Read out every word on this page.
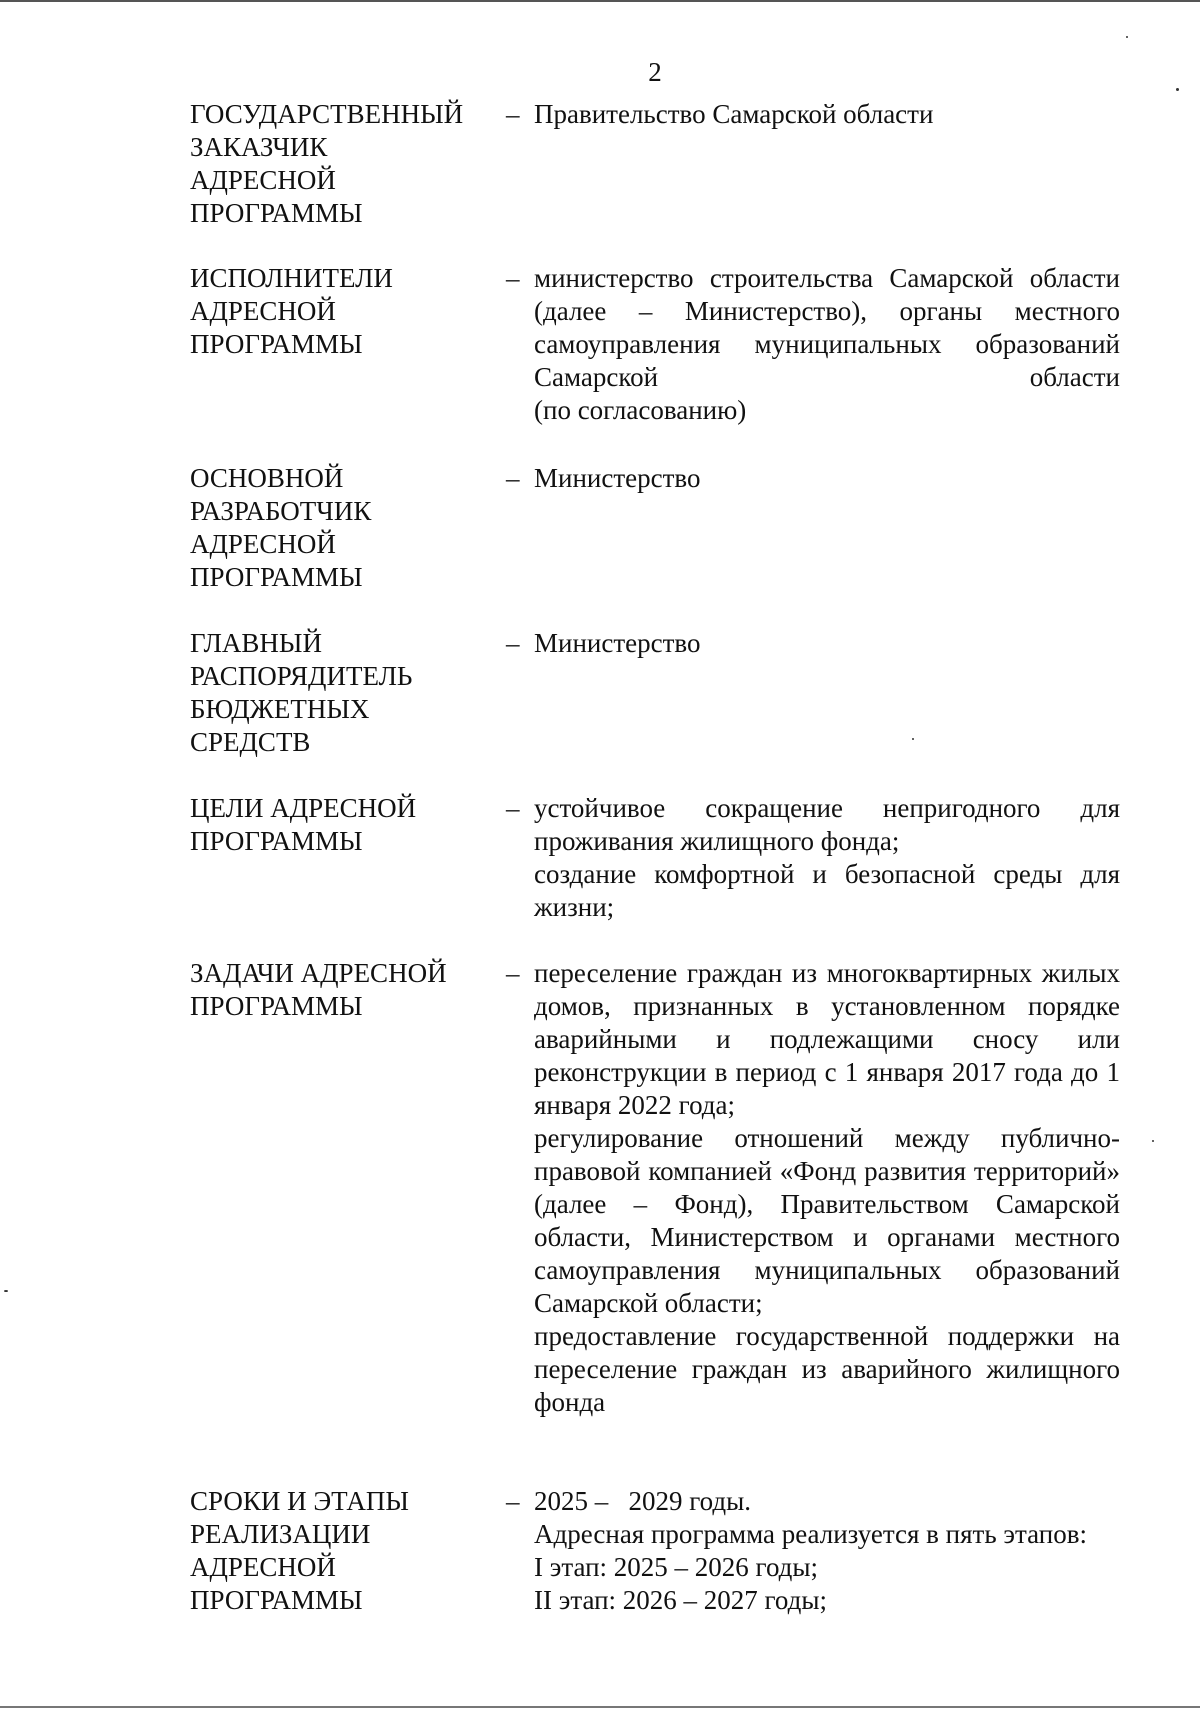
2
ГОСУДАРСТВЕННЫЙ
ЗАКАЗЧИК
АДРЕСНОЙ
ПРОГРАММЫ
– Правительство Самарской области
ИСПОЛНИТЕЛИ
АДРЕСНОЙ
ПРОГРАММЫ
– министерство строительства Самарской области (далее – Министерство), органы местного самоуправления муниципальных образований Самарской области
(по согласованию)
ОСНОВНОЙ
РАЗРАБОТЧИК
АДРЕСНОЙ
ПРОГРАММЫ
– Министерство
ГЛАВНЫЙ
РАСПОРЯДИТЕЛЬ
БЮДЖЕТНЫХ
СРЕДСТВ
– Министерство
ЦЕЛИ АДРЕСНОЙ
ПРОГРАММЫ
– устойчивое сокращение непригодного для проживания жилищного фонда;
создание комфортной и безопасной среды для жизни;
ЗАДАЧИ АДРЕСНОЙ
ПРОГРАММЫ
– переселение граждан из многоквартирных жилых домов, признанных в установленном порядке аварийными и подлежащими сносу или реконструкции в период с 1 января 2017 года до 1 января 2022 года;
регулирование отношений между публично-правовой компанией «Фонд развития территорий» (далее – Фонд), Правительством Самарской области, Министерством и органами местного самоуправления муниципальных образований Самарской области;
предоставление государственной поддержки на переселение граждан из аварийного жилищного фонда
СРОКИ И ЭТАПЫ
РЕАЛИЗАЦИИ
АДРЕСНОЙ
ПРОГРАММЫ
– 2025 –   2029 годы.
Адресная программа реализуется в пять этапов:
I этап: 2025 – 2026 годы;
II этап: 2026 – 2027 годы;
